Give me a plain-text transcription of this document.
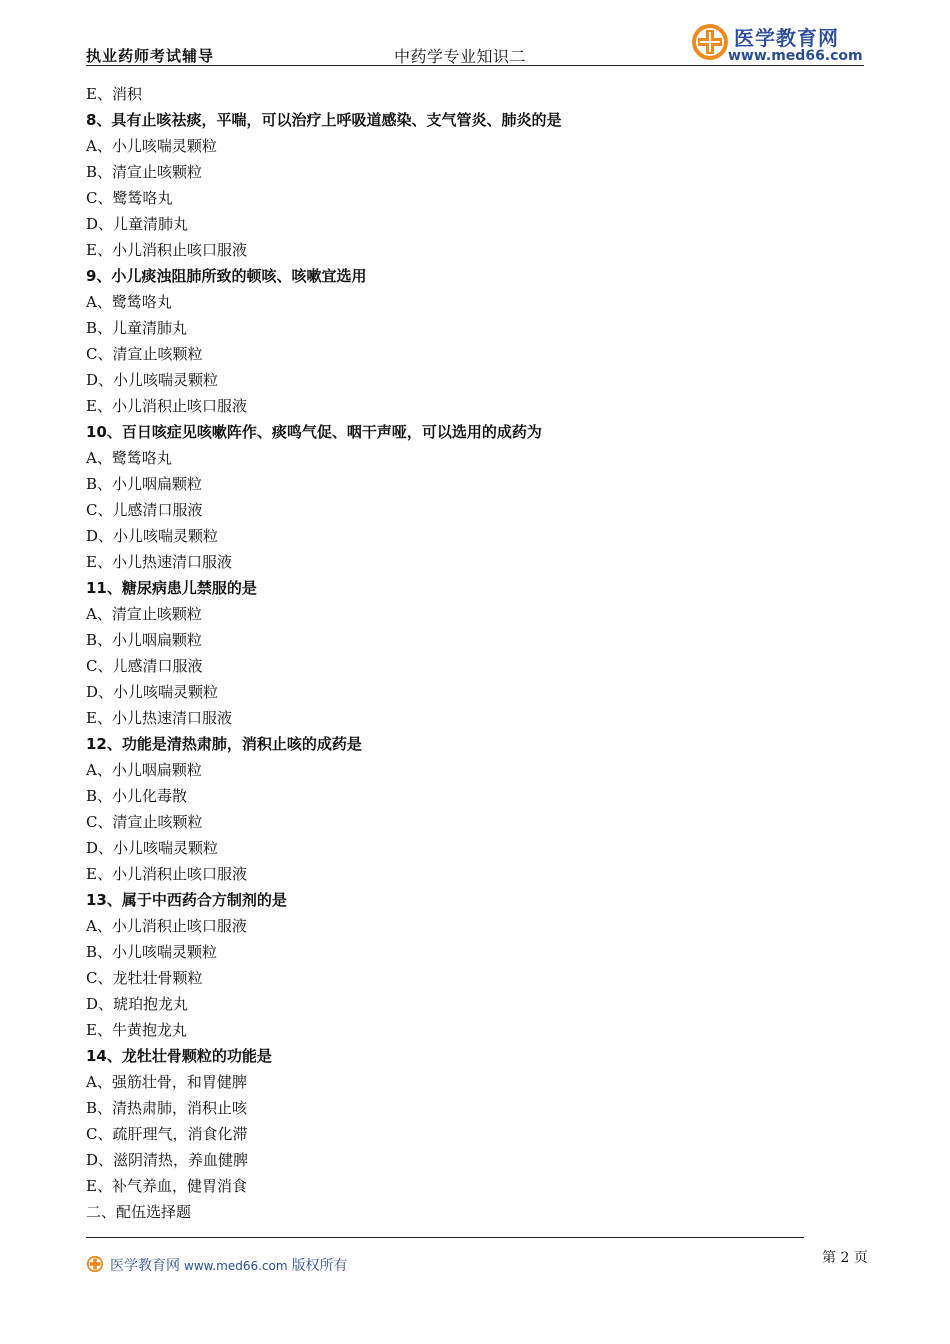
执业药师考试辅导	中药学专业知识二
医学教育网
www.med66.com
E、消积
8、具有止咳祛痰，平喘，可以治疗上呼吸道感染、支气管炎、肺炎的是
A、小儿咳喘灵颗粒
B、清宣止咳颗粒
C、鹭鸶咯丸
D、儿童清肺丸
E、小儿消积止咳口服液
9、小儿痰浊阻肺所致的顿咳、咳嗽宜选用
A、鹭鸶咯丸
B、儿童清肺丸
C、清宣止咳颗粒
D、小儿咳喘灵颗粒
E、小儿消积止咳口服液
10、百日咳症见咳嗽阵作、痰鸣气促、咽干声哑，可以选用的成药为
A、鹭鸶咯丸
B、小儿咽扁颗粒
C、儿感清口服液
D、小儿咳喘灵颗粒
E、小儿热速清口服液
11、糖尿病患儿禁服的是
A、清宣止咳颗粒
B、小儿咽扁颗粒
C、儿感清口服液
D、小儿咳喘灵颗粒
E、小儿热速清口服液
12、功能是清热肃肺，消积止咳的成药是
A、小儿咽扁颗粒
B、小儿化毒散
C、清宣止咳颗粒
D、小儿咳喘灵颗粒
E、小儿消积止咳口服液
13、属于中西药合方制剂的是
A、小儿消积止咳口服液
B、小儿咳喘灵颗粒
C、龙牡壮骨颗粒
D、琥珀抱龙丸
E、牛黄抱龙丸
14、龙牡壮骨颗粒的功能是
A、强筋壮骨，和胃健脾
B、清热肃肺，消积止咳
C、疏肝理气，消食化滞
D、滋阴清热，养血健脾
E、补气养血，健胃消食
二、配伍选择题
医学教育网 www.med66.com 版权所有	第 2 页
